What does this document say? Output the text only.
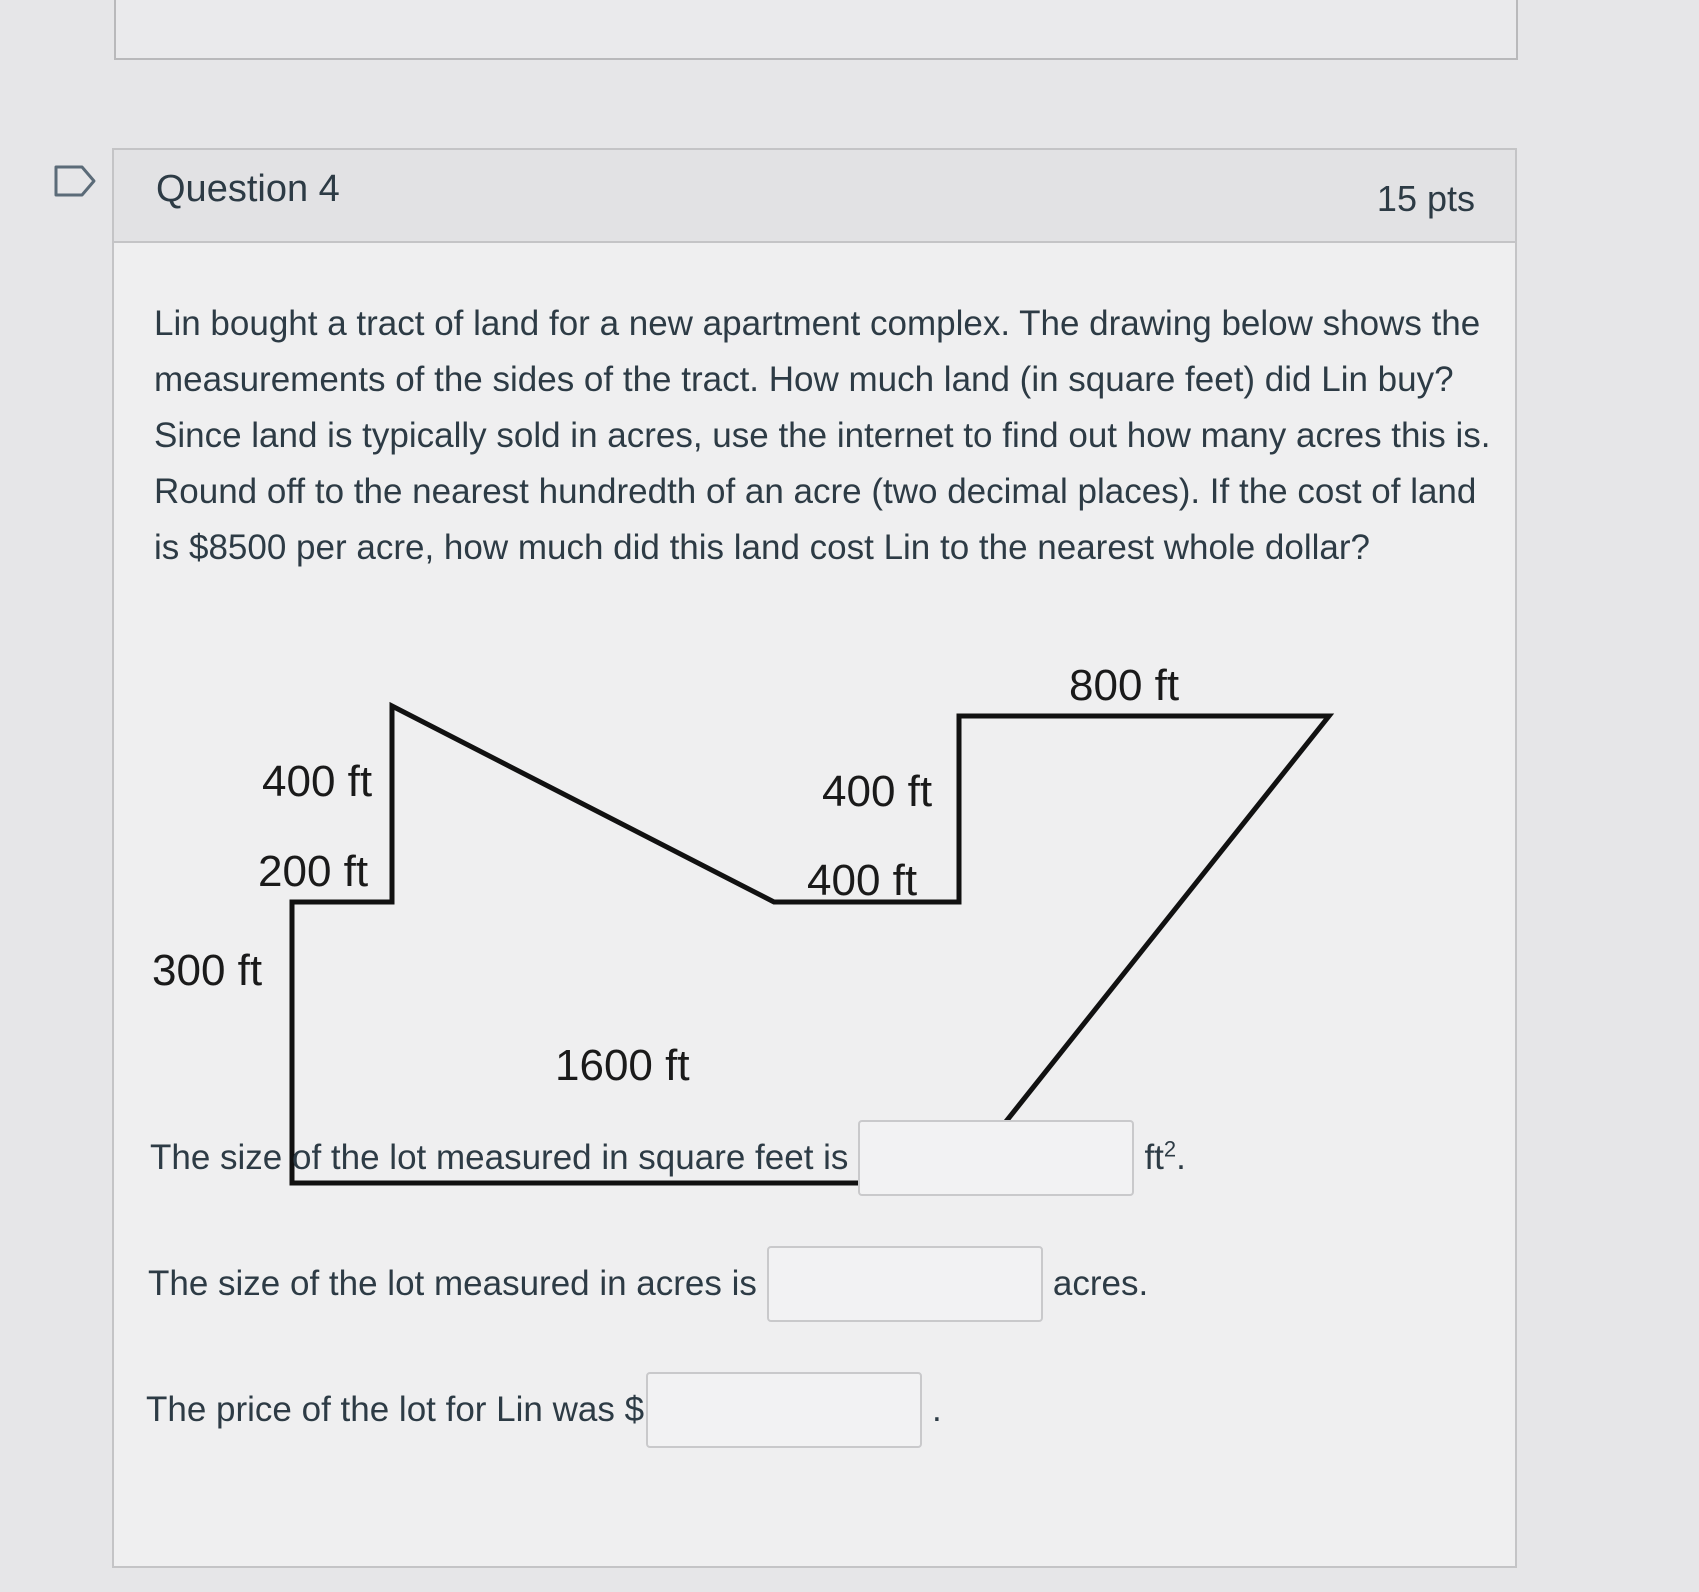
Question 4	15 pts
Lin bought a tract of land for a new apartment complex. The drawing below shows the measurements of the sides of the tract. How much land (in square feet) did Lin buy? Since land is typically sold in acres, use the internet to find out how many acres this is. Round off to the nearest hundredth of an acre (two decimal places). If the cost of land is $8500 per acre, how much did this land cost Lin to the nearest whole dollar?
800 ft
400 ft
200 ft
300 ft
400 ft
400 ft
1600 ft
The size of the lot measured in square feet is	$ft^2$.
The size of the lot measured in acres is	acres.
The price of the lot for Lin was $	.
